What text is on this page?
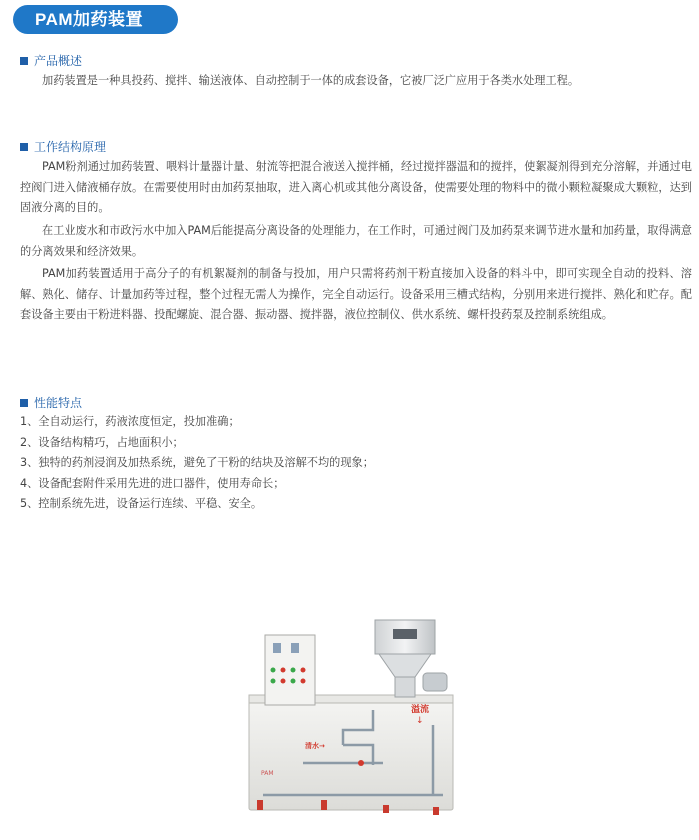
PAM加药装置
产品概述

加药装置是一种具投药、搅拌、输送液体、自动控制于一体的成套设备，它被厂泛广应用于各类水处理工程。

工作结构原理

PAM粉剂通过加药装置、喂料计量器计量、射流等把混合液送入搅拌桶，经过搅拌器温和的搅拌，使絮凝剂得到充分溶解，并通过电控阀门进入储液桶存放。在需要使用时由加药泵抽取，进入离心机或其他分离设备，使需要处理的物料中的微小颗粒凝聚成大颗粒，达到固液分离的目的。

在工业废水和市政污水中加入PAM后能提高分离设备的处理能力，在工作时，可通过阀门及加药泵来调节进水量和加药量，取得满意的分离效果和经济效果。

PAM加药装置适用于高分子的有机絮凝剂的制备与投加，用户只需将药剂干粉直接加入设备的料斗中，即可实现全自动的投料、溶解、熟化、储存、计量加药等过程，整个过程无需人为操作，完全自动运行。设备采用三槽式结构，分别用来进行搅拌、熟化和贮存。配套设备主要由干粉进料器、投配螺旋、混合器、振动器、搅拌器，液位控制仪、供水系统、螺杆投药泵及控制系统组成。

性能特点
1、全自动运行，药液浓度恒定，投加准确；
2、设备结构精巧，占地面积小；
3、独特的药剂浸润及加热系统，避免了干粉的结块及溶解不均的现象；
4、设备配套附件采用先进的进口器件，使用寿命长；
5、控制系统先进，设备运行连续、平稳、安全。
溢流
↓
清水→
PAM
